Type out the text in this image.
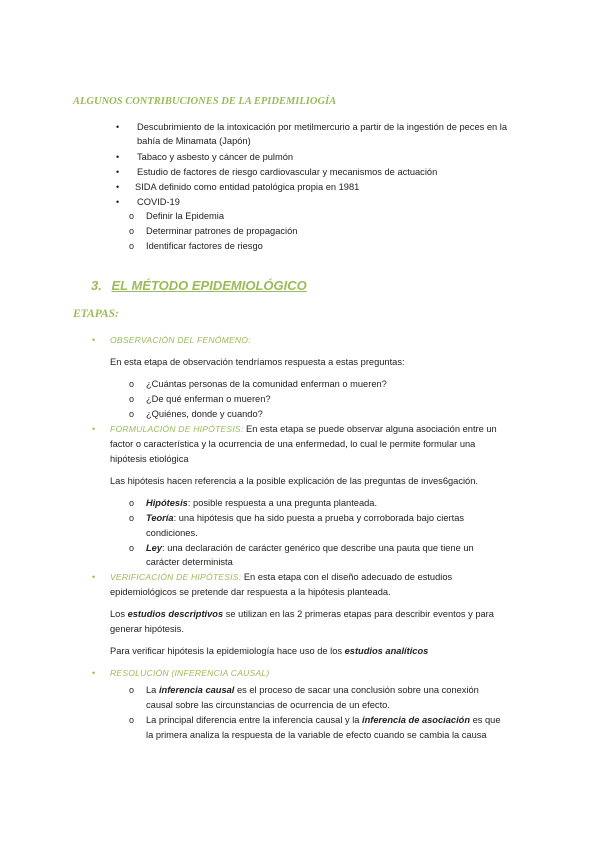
ALGUNOS CONTRIBUCIONES DE LA EPIDEMILIOGÍA
• Descubrimiento de la intoxicación por metilmercurio a partir de la ingestión de peces en la
bahía de Minamata (Japón)
• Tabaco y asbesto y cáncer de pulmón
• Estudio de factores de riesgo cardiovascular y mecanismos de actuación
• SIDA definido como entidad patológica propia en 1981
• COVID-19
o Definir la Epidemia
o Determinar patrones de propagación
o Identificar factores de riesgo
3. EL MÉTODO EPIDEMIOLÓGICO
ETAPAS:
• OBSERVACIÓN DEL FENÓMENO:
En esta etapa de observación tendríamos respuesta a estas preguntas:
o ¿Cuántas personas de la comunidad enferman o mueren?
o ¿De qué enferman o mueren?
o ¿Quiénes, donde y cuando?
• FORMULACIÓN DE HIPÓTESIS: En esta etapa se puede observar alguna asociación entre un
factor o característica y la ocurrencia de una enfermedad, lo cual le permite formular una
hipótesis etiológica
Las hipótesis hacen referencia a la posible explicación de las preguntas de inves6gación.
o Hipótesis: posible respuesta a una pregunta planteada.
o Teoría: una hipótesis que ha sido puesta a prueba y corroborada bajo ciertas
condiciones.
o Ley: una declaración de carácter genérico que describe una pauta que tiene un
carácter determinista
• VERIFICACIÓN DE HIPÓTESIS: En esta etapa con el diseño adecuado de estudios
epidemiológicos se pretende dar respuesta a la hipótesis planteada.
Los estudios descriptivos se utilizan en las 2 primeras etapas para describir eventos y para
generar hipótesis.
Para verificar hipótesis la epidemiología hace uso de los estudios analíticos
• RESOLUCIÓN (INFERENCIA CAUSAL)
o La inferencia causal es el proceso de sacar una conclusión sobre una conexión
causal sobre las circunstancias de ocurrencia de un efecto.
o La principal diferencia entre la inferencia causal y la inferencia de asociación es que
la primera analiza la respuesta de la variable de efecto cuando se cambia la causa
